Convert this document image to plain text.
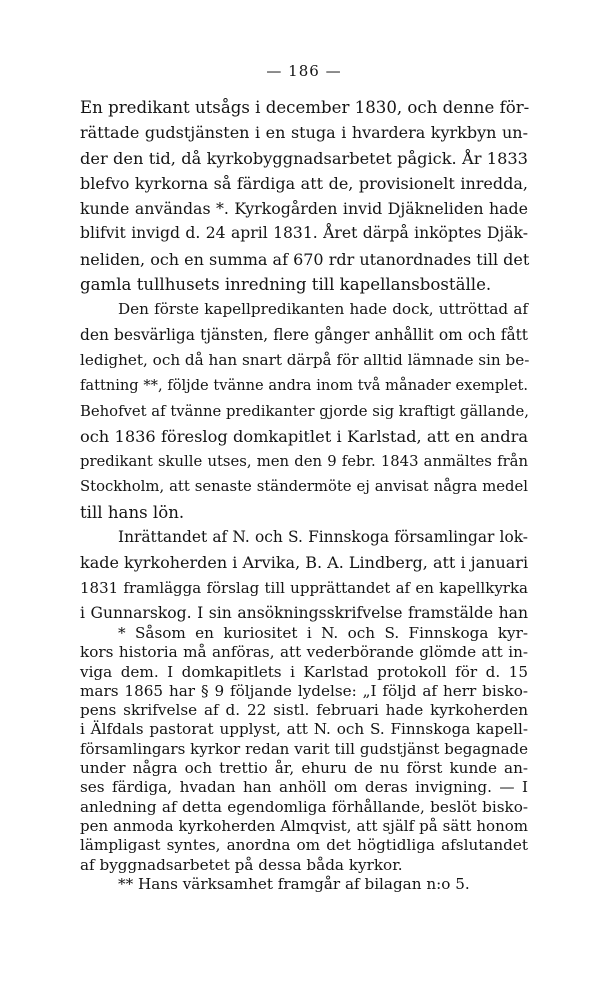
— 186 —
En predikant utsågs i december 1830, och denne för-
rättade gudstjänsten i en stuga i hvardera kyrkbyn un-
der den tid, då kyrkobyggnadsarbetet pågick. År 1833
blefvo kyrkorna så färdiga att de, provisionelt inredda,
kunde användas *. Kyrkogården invid Djäkneliden hade
blifvit invigd d. 24 april 1831. Året därpå inköptes Djäk-
neliden, och en summa af 670 rdr utanordnades till det
gamla tullhusets inredning till kapellansboställe.
Den förste kapellpredikanten hade dock, uttröttad af
den besvärliga tjänsten, flere gånger anhållit om och fått
ledighet, och då han snart därpå för alltid lämnade sin be-
fattning **, följde tvänne andra inom två månader exemplet.
Behofvet af tvänne predikanter gjorde sig kraftigt gällande,
och 1836 föreslog domkapitlet i Karlstad, att en andra
predikant skulle utses, men den 9 febr. 1843 anmältes från
Stockholm, att senaste ständermöte ej anvisat några medel
till hans lön.
Inrättandet af N. och S. Finnskoga församlingar lok-
kade kyrkoherden i Arvika, B. A. Lindberg, att i januari
1831 framlägga förslag till upprättandet af en kapellkyrka
i Gunnarskog. I sin ansökningsskrifvelse framstälde han
* Såsom en kuriositet i N. och S. Finnskoga kyr-
kors historia må anföras, att vederbörande glömde att in-
viga dem. I domkapitlets i Karlstad protokoll för d. 15
mars 1865 har § 9 följande lydelse: „I följd af herr bisko-
pens skrifvelse af d. 22 sistl. februari hade kyrkoherden
i Älfdals pastorat upplyst, att N. och S. Finnskoga kapell-
församlingars kyrkor redan varit till gudstjänst begagnade
under några och trettio år, ehuru de nu först kunde an-
ses färdiga, hvadan han anhöll om deras invigning. — I
anledning af detta egendomliga förhållande, beslöt bisko-
pen anmoda kyrkoherden Almqvist, att själf på sätt honom
lämpligast syntes, anordna om det högtidliga afslutandet
af byggnadsarbetet på dessa båda kyrkor.
** Hans värksamhet framgår af bilagan n:o 5.
